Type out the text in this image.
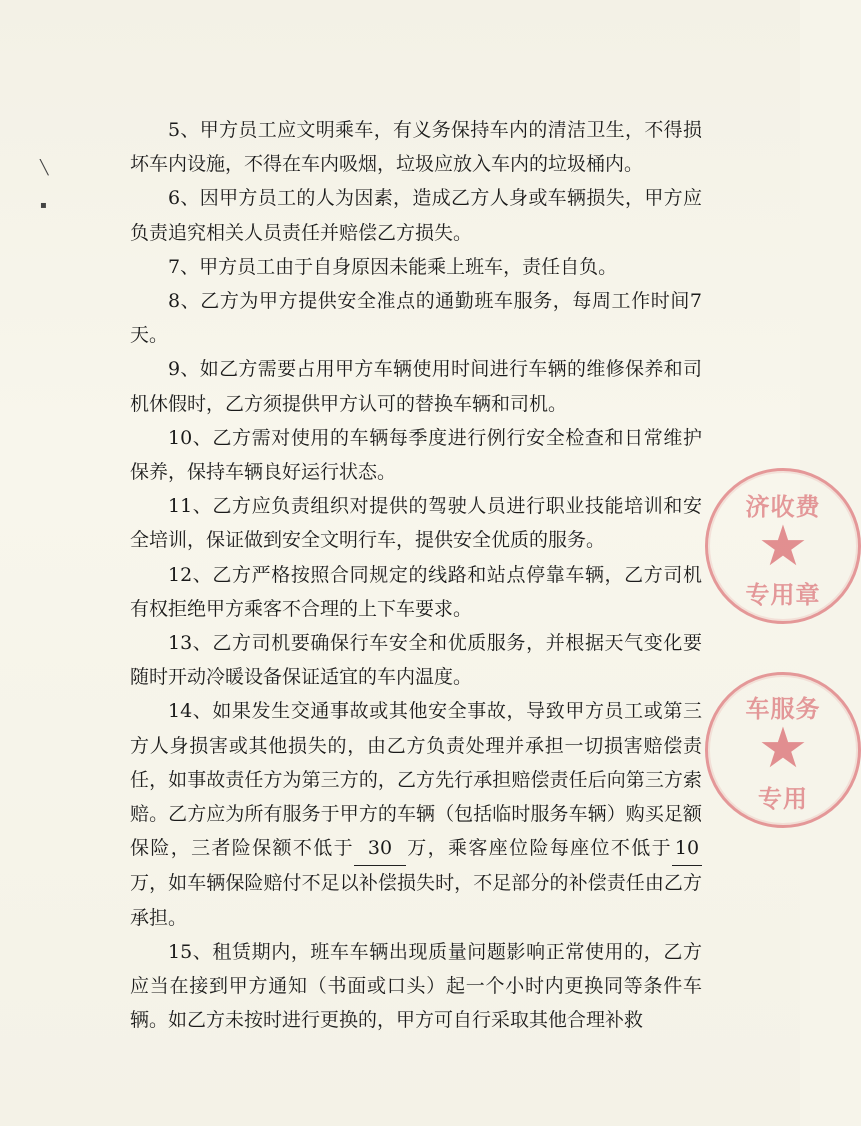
╲
▪

5、甲方员工应文明乘车，有义务保持车内的清洁卫生，不得损坏车内设施，不得在车内吸烟，垃圾应放入车内的垃圾桶内。

6、因甲方员工的人为因素，造成乙方人身或车辆损失，甲方应负责追究相关人员责任并赔偿乙方损失。

7、甲方员工由于自身原因未能乘上班车，责任自负。

8、乙方为甲方提供安全准点的通勤班车服务，每周工作时间7天。

9、如乙方需要占用甲方车辆使用时间进行车辆的维修保养和司机休假时，乙方须提供甲方认可的替换车辆和司机。

10、乙方需对使用的车辆每季度进行例行安全检查和日常维护保养，保持车辆良好运行状态。

11、乙方应负责组织对提供的驾驶人员进行职业技能培训和安全培训，保证做到安全文明行车，提供安全优质的服务。

12、乙方严格按照合同规定的线路和站点停靠车辆，乙方司机有权拒绝甲方乘客不合理的上下车要求。

13、乙方司机要确保行车安全和优质服务，并根据天气变化要随时开动冷暖设备保证适宜的车内温度。

14、如果发生交通事故或其他安全事故，导致甲方员工或第三方人身损害或其他损失的，由乙方负责处理并承担一切损害赔偿责任，如事故责任方为第三方的，乙方先行承担赔偿责任后向第三方索赔。乙方应为所有服务于甲方的车辆（包括临时服务车辆）购买足额保险，三者险保额不低于 30 万，乘客座位险每座位不低于 10万，如车辆保险赔付不足以补偿损失时，不足部分的补偿责任由乙方承担。

15、租赁期内，班车车辆出现质量问题影响正常使用的，乙方应当在接到甲方通知（书面或口头）起一个小时内更换同等条件车辆。如乙方未按时进行更换的，甲方可自行采取其他合理补救

济收费
★
专用章
车服务
★
专用
